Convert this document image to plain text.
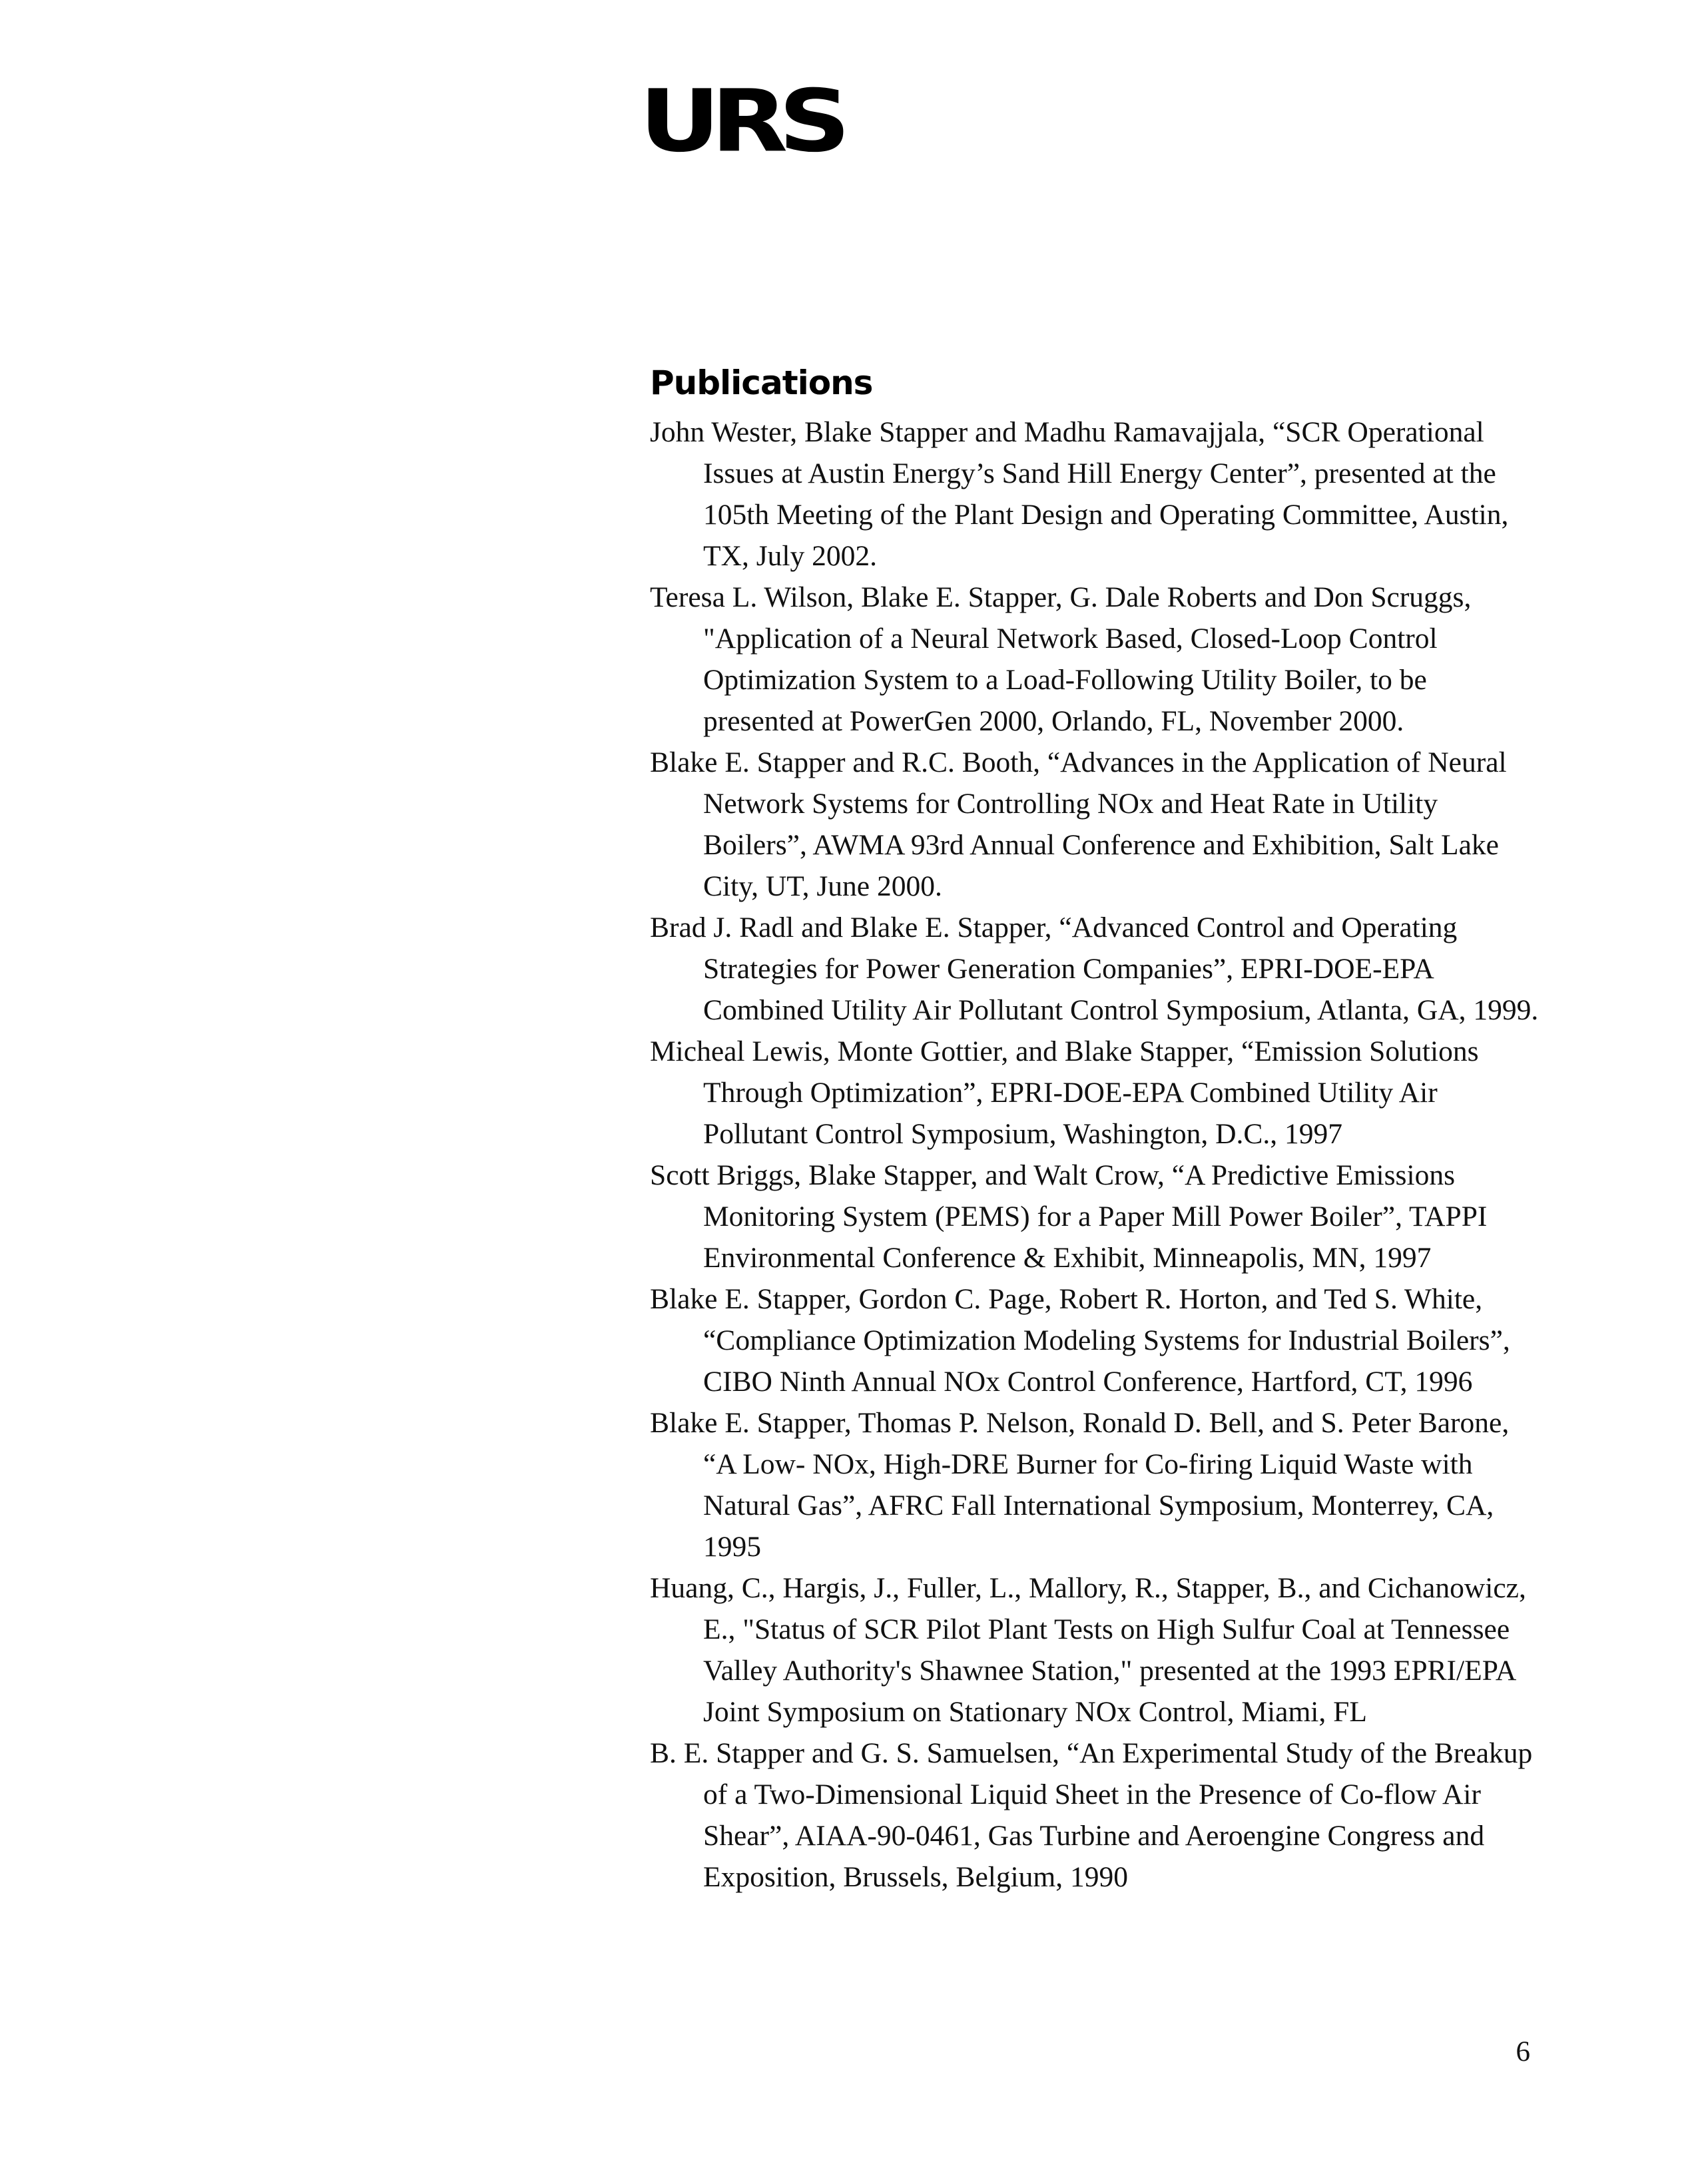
URS
Publications
John Wester, Blake Stapper and Madhu Ramavajjala, “SCR Operational Issues at Austin Energy’s Sand Hill Energy Center”, presented at the 105th Meeting of the Plant Design and Operating Committee, Austin, TX, July 2002.
Teresa L. Wilson, Blake E. Stapper, G. Dale Roberts and Don Scruggs, "Application of a Neural Network Based, Closed-Loop Control Optimization System to a Load-Following Utility Boiler, to be presented at PowerGen 2000, Orlando, FL, November 2000.
Blake E. Stapper and R.C. Booth, “Advances in the Application of Neural Network Systems for Controlling NOx and Heat Rate in Utility Boilers”, AWMA 93rd Annual Conference and Exhibition, Salt Lake City, UT, June 2000.
Brad J. Radl and Blake E. Stapper, “Advanced Control and Operating Strategies for Power Generation Companies”, EPRI-DOE-EPA Combined Utility Air Pollutant Control Symposium, Atlanta, GA, 1999.
Micheal Lewis, Monte Gottier, and Blake Stapper, “Emission Solutions Through Optimization”, EPRI-DOE-EPA Combined Utility Air Pollutant Control Symposium, Washington, D.C., 1997
Scott Briggs, Blake Stapper, and Walt Crow, “A Predictive Emissions Monitoring System (PEMS) for a Paper Mill Power Boiler”, TAPPI Environmental Conference & Exhibit, Minneapolis, MN, 1997
Blake E. Stapper, Gordon C. Page, Robert R. Horton, and Ted S. White, “Compliance Optimization Modeling Systems for Industrial Boilers”, CIBO Ninth Annual NOx Control Conference, Hartford, CT, 1996
Blake E. Stapper, Thomas P. Nelson, Ronald D. Bell, and S. Peter Barone, “A Low- NOx, High-DRE Burner for Co-firing Liquid Waste with Natural Gas”, AFRC Fall International Symposium, Monterrey, CA, 1995
Huang, C., Hargis, J., Fuller, L., Mallory, R., Stapper, B., and Cichanowicz, E., "Status of SCR Pilot Plant Tests on High Sulfur Coal at Tennessee Valley Authority's Shawnee Station," presented at the 1993 EPRI/EPA Joint Symposium on Stationary NOx Control, Miami, FL
B. E. Stapper and G. S. Samuelsen, “An Experimental Study of the Breakup of a Two-Dimensional Liquid Sheet in the Presence of Co-flow Air Shear”, AIAA-90-0461, Gas Turbine and Aeroengine Congress and Exposition, Brussels, Belgium, 1990
6
